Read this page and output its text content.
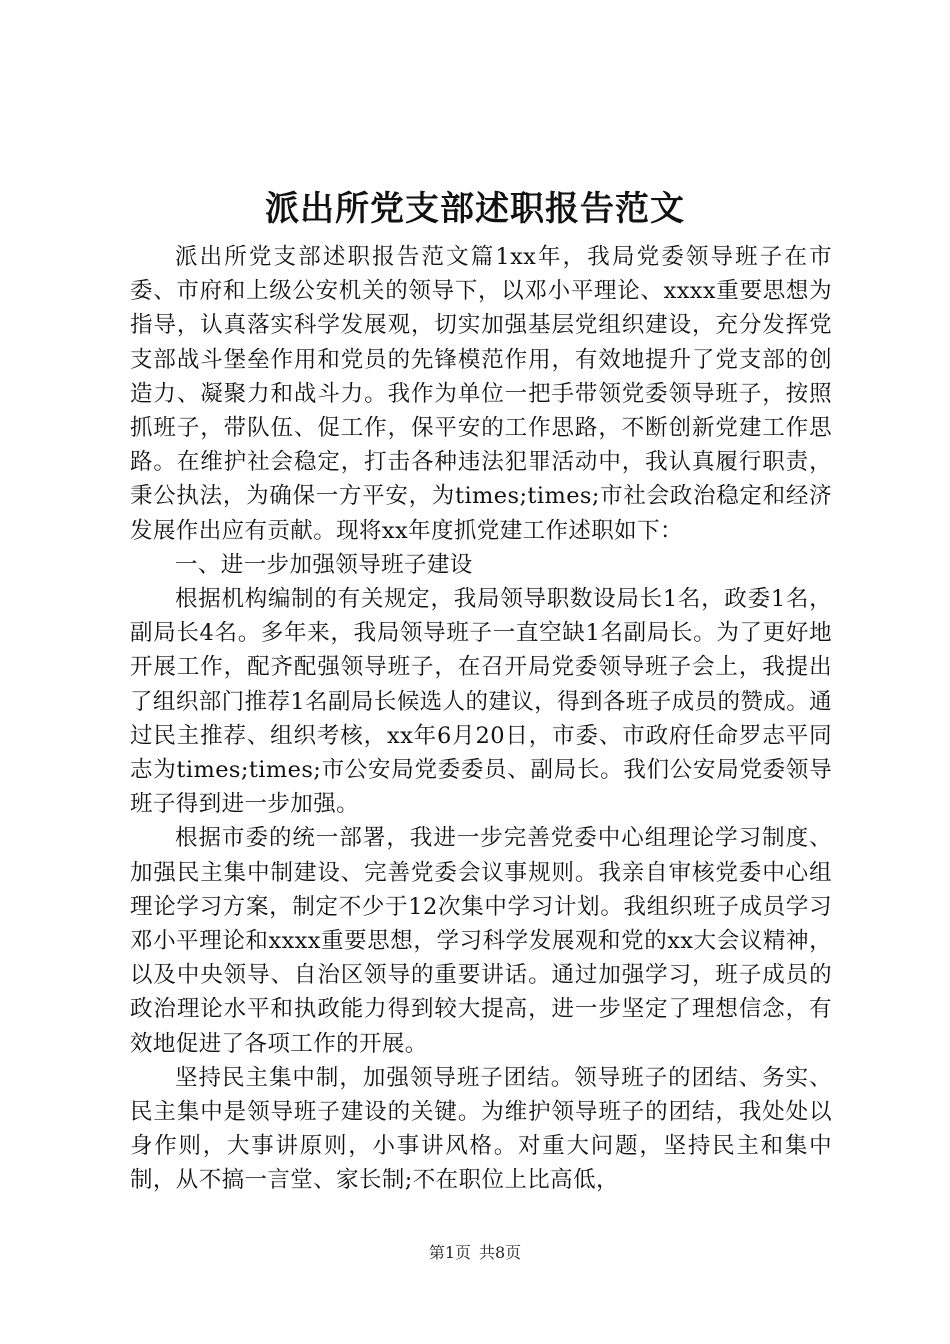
派出所党支部述职报告范文

派出所党支部述职报告范文篇1xx年，我局党委领导班子在市委、市府和上级公安机关的领导下，以邓小平理论、xxxx重要思想为指导，认真落实科学发展观，切实加强基层党组织建设，充分发挥党支部战斗堡垒作用和党员的先锋模范作用，有效地提升了党支部的创造力、凝聚力和战斗力。我作为单位一把手带领党委领导班子，按照抓班子，带队伍、促工作，保平安的工作思路，不断创新党建工作思路。在维护社会稳定，打击各种违法犯罪活动中，我认真履行职责，秉公执法，为确保一方平安，为times;times;市社会政治稳定和经济发展作出应有贡献。现将xx年度抓党建工作述职如下：

一、进一步加强领导班子建设

根据机构编制的有关规定，我局领导职数设局长1名，政委1名，副局长4名。多年来，我局领导班子一直空缺1名副局长。为了更好地开展工作，配齐配强领导班子，在召开局党委领导班子会上，我提出了组织部门推荐1名副局长候选人的建议，得到各班子成员的赞成。通过民主推荐、组织考核，xx年6月20日，市委、市政府任命罗志平同志为times;times;市公安局党委委员、副局长。我们公安局党委领导班子得到进一步加强。

根据市委的统一部署，我进一步完善党委中心组理论学习制度、加强民主集中制建设、完善党委会议事规则。我亲自审核党委中心组理论学习方案，制定不少于12次集中学习计划。我组织班子成员学习邓小平理论和xxxx重要思想，学习科学发展观和党的xx大会议精神，以及中央领导、自治区领导的重要讲话。通过加强学习，班子成员的政治理论水平和执政能力得到较大提高，进一步坚定了理想信念，有效地促进了各项工作的开展。

坚持民主集中制，加强领导班子团结。领导班子的团结、务实、民主集中是领导班子建设的关键。为维护领导班子的团结，我处处以身作则，大事讲原则，小事讲风格。对重大问题，坚持民主和集中制，从不搞一言堂、家长制;不在职位上比高低，

第1页 共8页
